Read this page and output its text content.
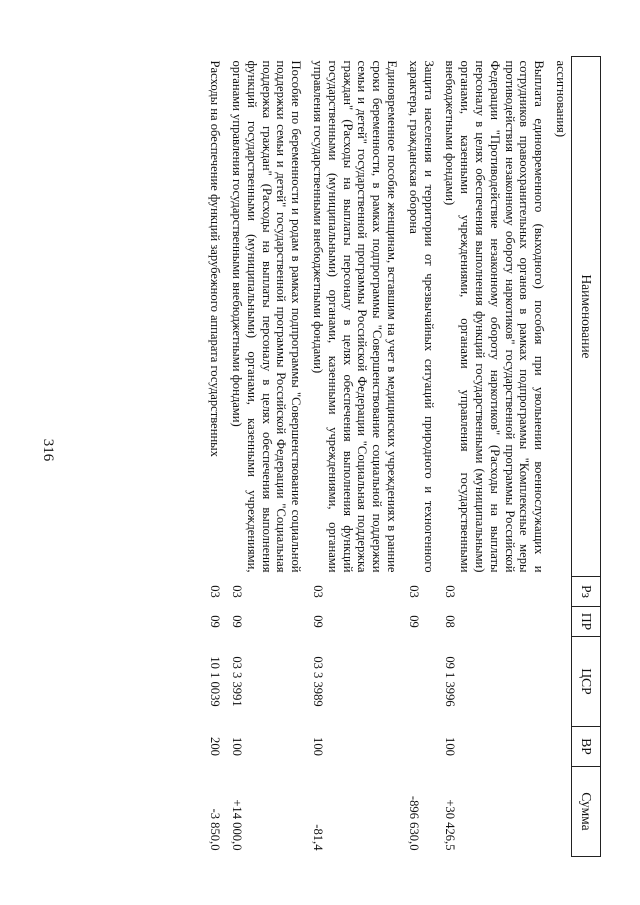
316
Наименование	Рз	ПР	ЦСР	ВР	Сумма
ассигнования)					
Выплата единовременного (выходного) пособия при увольнении военнослужащих и сотрудников правоохранительных органов в рамках подпрограммы "Комплексные меры противодействия незаконному обороту наркотиков" государственной программы Российской Федерации "Противодействие незаконному обороту наркотиков" (Расходы на выплаты персоналу в целях обеспечения выполнения функций государственными (муниципальными) органами, казенными учреждениями, органами управления государственными внебюджетными фондами)	03	08	09 1 3996	100	+30 426,5
Защита населения и территории от чрезвычайных ситуаций природного и техногенного характера, гражданская оборона	03	09			-896 630,0
Единовременное пособие женщинам, вставшим на учет в медицинских учреждениях в ранние сроки беременности, в рамках подпрограммы "Совершенствование социальной поддержки семьи и детей" государственной программы Российской Федерации "Социальная поддержка граждан" (Расходы на выплаты персоналу в целях обеспечения выполнения функций государственными (муниципальными) органами, казенными учреждениями, органами управления государственными внебюджетными фондами)	03	09	03 3 3989	100	-81,4
Пособие по беременности и родам в рамках подпрограммы "Совершенствование социальной поддержки семьи и детей" государственной программы Российской Федерации "Социальная поддержка граждан" (Расходы на выплаты персоналу в целях обеспечения выполнения функций государственными (муниципальными) органами, казенными учреждениями, органами управления государственными внебюджетными фондами)	03	09	03 3 3991	100	+14 000,0
Расходы на обеспечение функций зарубежного аппарата государственных	03	09	10 1 0039	200	-3 850,0
